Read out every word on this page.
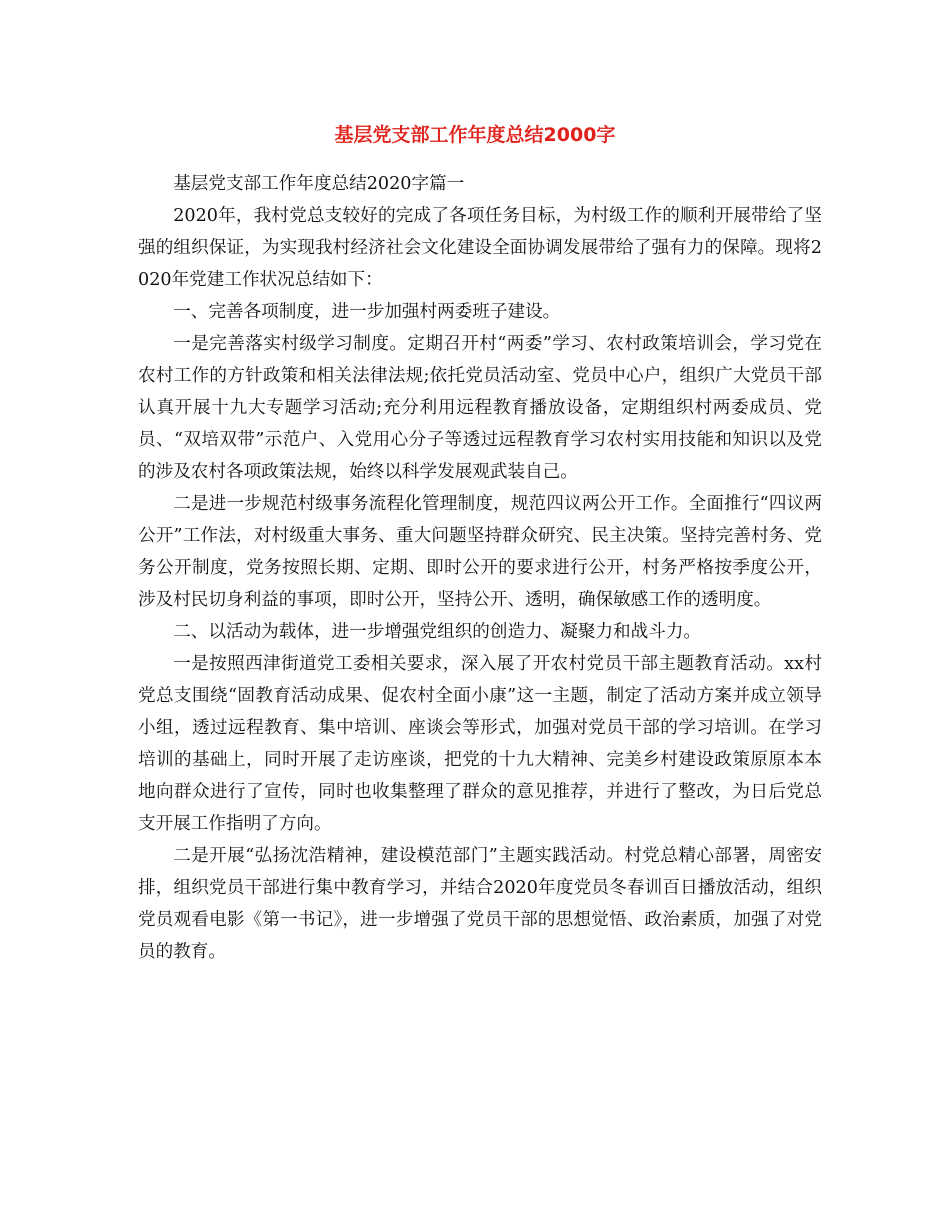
基层党支部工作年度总结2000字

基层党支部工作年度总结2020字篇一

2020年，我村党总支较好的完成了各项任务目标，为村级工作的顺利开展带给了坚强的组织保证，为实现我村经济社会文化建设全面协调发展带给了强有力的保障。现将2020年党建工作状况总结如下：

一、完善各项制度，进一步加强村两委班子建设。

一是完善落实村级学习制度。定期召开村“两委”学习、农村政策培训会，学习党在农村工作的方针政策和相关法律法规;依托党员活动室、党员中心户，组织广大党员干部认真开展十九大专题学习活动;充分利用远程教育播放设备，定期组织村两委成员、党员、“双培双带”示范户、入党用心分子等透过远程教育学习农村实用技能和知识以及党的涉及农村各项政策法规，始终以科学发展观武装自己。

二是进一步规范村级事务流程化管理制度，规范四议两公开工作。全面推行“四议两公开”工作法，对村级重大事务、重大问题坚持群众研究、民主决策。坚持完善村务、党务公开制度，党务按照长期、定期、即时公开的要求进行公开，村务严格按季度公开，涉及村民切身利益的事项，即时公开，坚持公开、透明，确保敏感工作的透明度。

二、以活动为载体，进一步增强党组织的创造力、凝聚力和战斗力。

一是按照西津街道党工委相关要求，深入展了开农村党员干部主题教育活动。xx村党总支围绕“固教育活动成果、促农村全面小康”这一主题，制定了活动方案并成立领导小组，透过远程教育、集中培训、座谈会等形式，加强对党员干部的学习培训。在学习培训的基础上，同时开展了走访座谈，把党的十九大精神、完美乡村建设政策原原本本地向群众进行了宣传，同时也收集整理了群众的意见推荐，并进行了整改，为日后党总支开展工作指明了方向。

二是开展“弘扬沈浩精神，建设模范部门”主题实践活动。村党总精心部署，周密安排，组织党员干部进行集中教育学习，并结合2020年度党员冬春训百日播放活动，组织党员观看电影《第一书记》，进一步增强了党员干部的思想觉悟、政治素质，加强了对党员的教育。
